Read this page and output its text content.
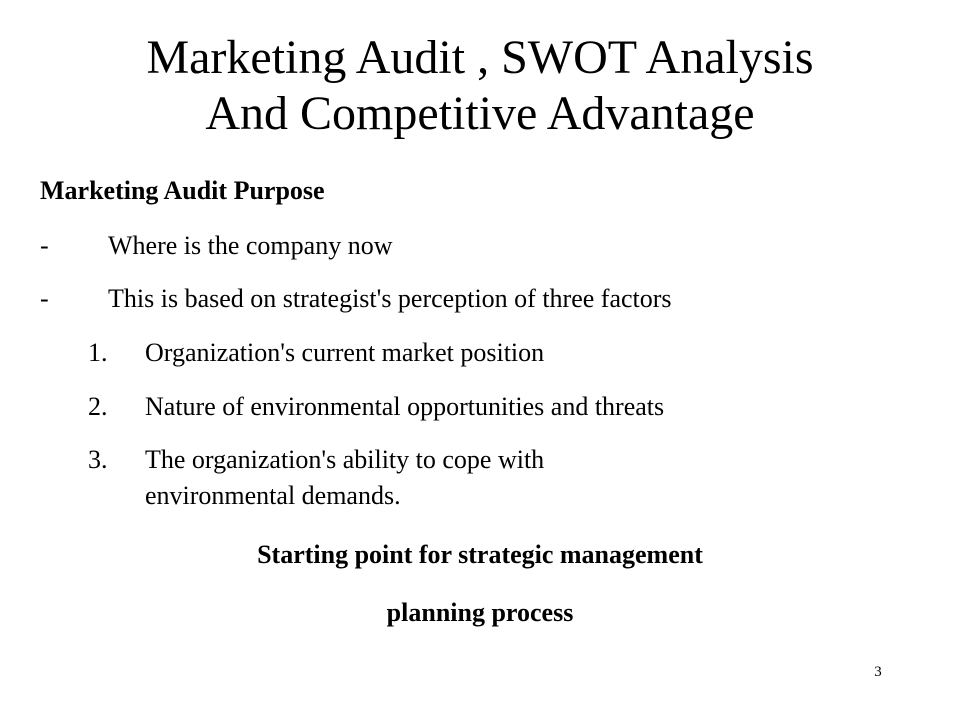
Marketing Audit , SWOT Analysis
And Competitive Advantage
Marketing Audit Purpose
-	Where is the company now
-	This is based on strategist's perception of three factors
1.	Organization's current market position
2.	Nature of environmental opportunities and threats
3.	The organization's ability to cope with
environmental demands.
Starting point for strategic management
planning process
3
